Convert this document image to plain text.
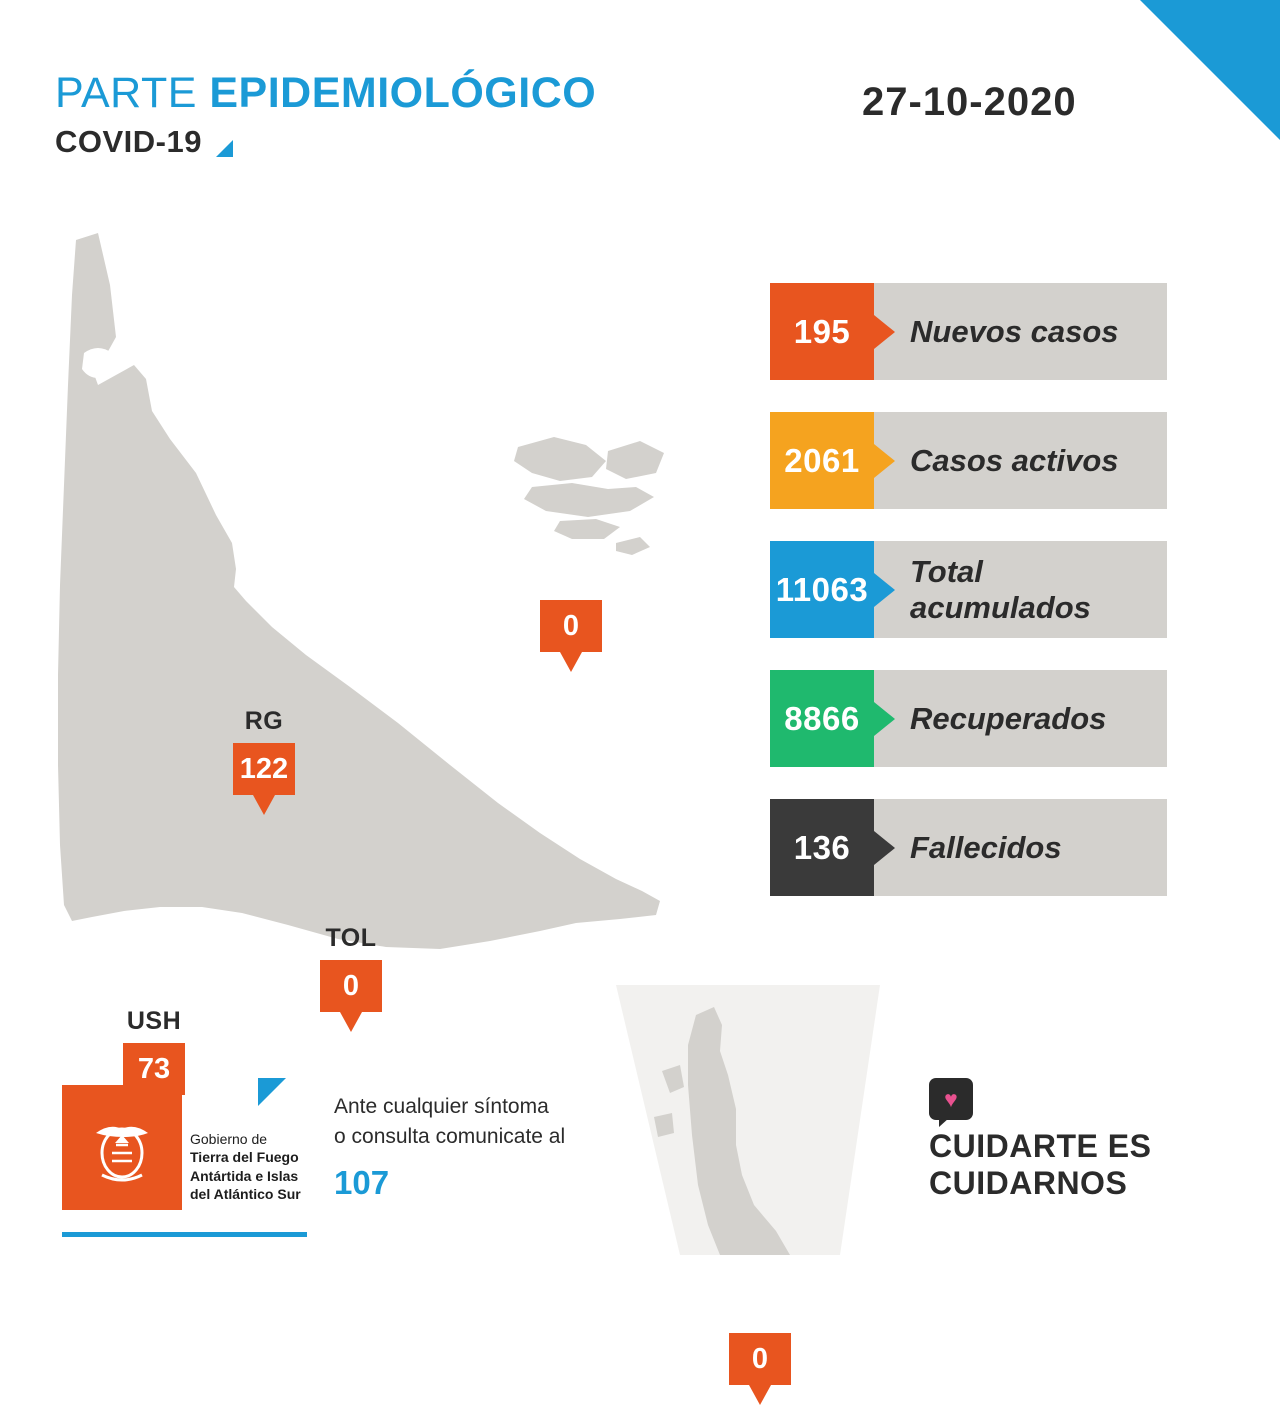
PARTE EPIDEMIOLÓGICO
COVID-19
27-10-2020
RG
122
TOL
0
USH
73
0
0
195	Nuevos casos
2061	Casos activos
11063	Total acumulados
8866	Recuperados
136	Fallecidos
Gobierno de
Tierra del Fuego
Antártida e Islas
del Atlántico Sur
Ante cualquier síntoma
o consulta comunicate al
107
♥
CUIDARTE ES
CUIDARNOS
